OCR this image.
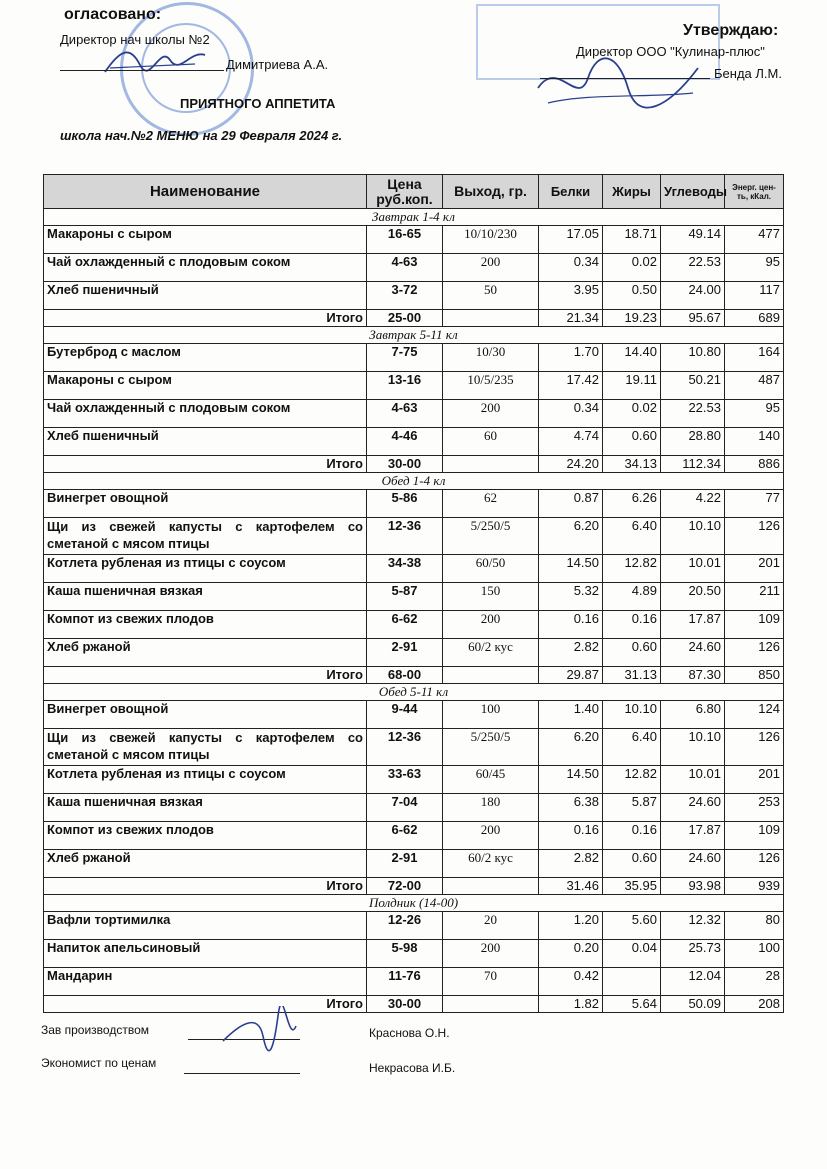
огласовано:
Директор нач школы №2
Димитриева А.А.
Утверждаю:
Директор ООО "Кулинар-плюс"
Бенда Л.М.
ПРИЯТНОГО АППЕТИТА
школа нач.№2 МЕНЮ на 29 Февраля 2024 г.
Наименование	Цена руб.коп.	Выход, гр.	Белки	Жиры	Углеводы	Энерг. цен-ть, кКал.
Завтрак 1-4 кл						
Макароны с сыром	16-65	10/10/230	17.05	18.71	49.14	477
Чай охлажденный с плодовым соком	4-63	200	0.34	0.02	22.53	95
Хлеб пшеничный	3-72	50	3.95	0.50	24.00	117
Итого	25-00		21.34	19.23	95.67	689
Завтрак 5-11 кл						
Бутерброд с маслом	7-75	10/30	1.70	14.40	10.80	164
Макароны с сыром	13-16	10/5/235	17.42	19.11	50.21	487
Чай охлажденный с плодовым соком	4-63	200	0.34	0.02	22.53	95
Хлеб пшеничный	4-46	60	4.74	0.60	28.80	140
Итого	30-00		24.20	34.13	112.34	886
Обед 1-4 кл						
Винегрет овощной	5-86	62	0.87	6.26	4.22	77
Щи из свежей капусты с картофелем со сметаной с мясом птицы	12-36	5/250/5	6.20	6.40	10.10	126
Котлета рубленая из птицы с соусом	34-38	60/50	14.50	12.82	10.01	201
Каша пшеничная вязкая	5-87	150	5.32	4.89	20.50	211
Компот из свежих плодов	6-62	200	0.16	0.16	17.87	109
Хлеб ржаной	2-91	60/2 кус	2.82	0.60	24.60	126
Итого	68-00		29.87	31.13	87.30	850
Обед 5-11 кл						
Винегрет овощной	9-44	100	1.40	10.10	6.80	124
Щи из свежей капусты с картофелем со сметаной с мясом птицы	12-36	5/250/5	6.20	6.40	10.10	126
Котлета рубленая из птицы с соусом	33-63	60/45	14.50	12.82	10.01	201
Каша пшеничная вязкая	7-04	180	6.38	5.87	24.60	253
Компот из свежих плодов	6-62	200	0.16	0.16	17.87	109
Хлеб ржаной	2-91	60/2 кус	2.82	0.60	24.60	126
Итого	72-00		31.46	35.95	93.98	939
Полдник (14-00)						
Вафли тортимилка	12-26	20	1.20	5.60	12.32	80
Напиток апельсиновый	5-98	200	0.20	0.04	25.73	100
Мандарин	11-76	70	0.42		12.04	28
Итого	30-00		1.82	5.64	50.09	208
Зав производством	Краснова О.Н.
Экономист по ценам	Некрасова И.Б.
